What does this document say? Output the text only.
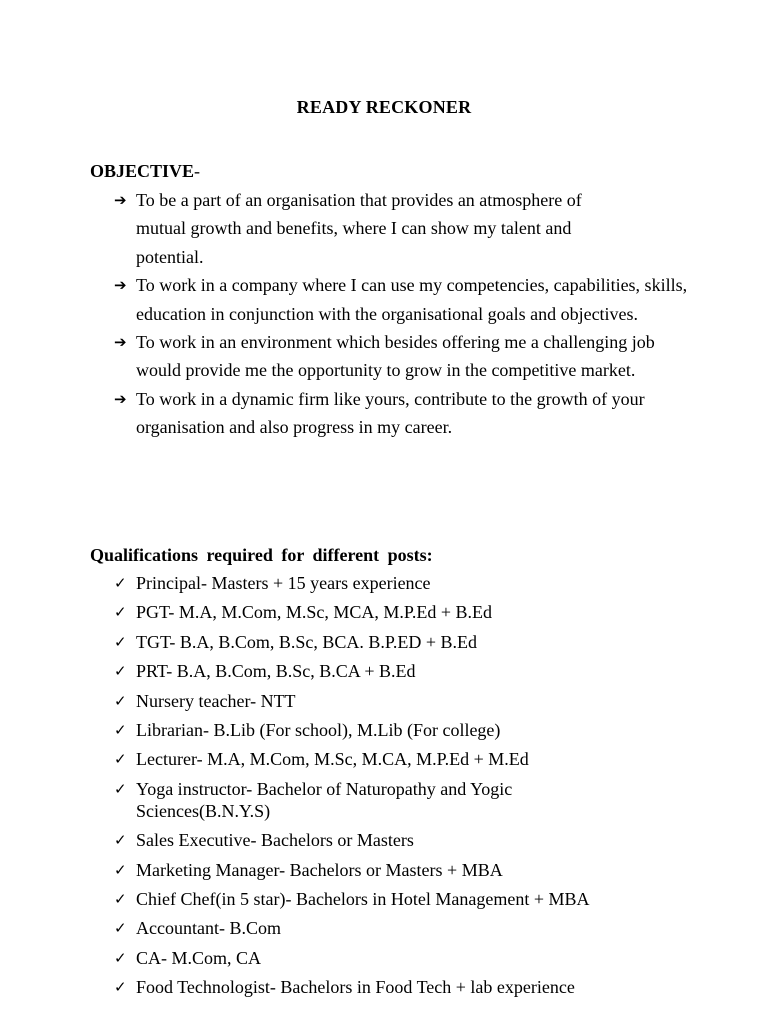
READY RECKONER
OBJECTIVE-
➔ To be a part of an organisation that provides an atmosphere of mutual growth and benefits, where I can show my talent and potential.
➔ To work in a company where I can use my competencies, capabilities, skills, education in conjunction with the organisational goals and objectives.
➔ To work in an environment which besides offering me a challenging job would provide me the opportunity to grow in the competitive market.
➔ To work in a dynamic firm like yours, contribute to the growth of your organisation and also progress in my career.
Qualifications required for different posts:
✓ Principal- Masters + 15 years experience
✓ PGT- M.A, M.Com, M.Sc, MCA, M.P.Ed + B.Ed
✓ TGT- B.A, B.Com, B.Sc, BCA. B.P.ED + B.Ed
✓ PRT- B.A, B.Com, B.Sc, B.CA + B.Ed
✓ Nursery teacher- NTT
✓ Librarian- B.Lib (For school), M.Lib (For college)
✓ Lecturer- M.A, M.Com, M.Sc, M.CA, M.P.Ed + M.Ed
✓ Yoga instructor- Bachelor of Naturopathy and Yogic Sciences(B.N.Y.S)
✓ Sales Executive- Bachelors or Masters
✓ Marketing Manager- Bachelors or Masters + MBA
✓ Chief Chef(in 5 star)- Bachelors in Hotel Management + MBA
✓ Accountant- B.Com
✓ CA- M.Com, CA
✓ Food Technologist- Bachelors in Food Tech + lab experience
